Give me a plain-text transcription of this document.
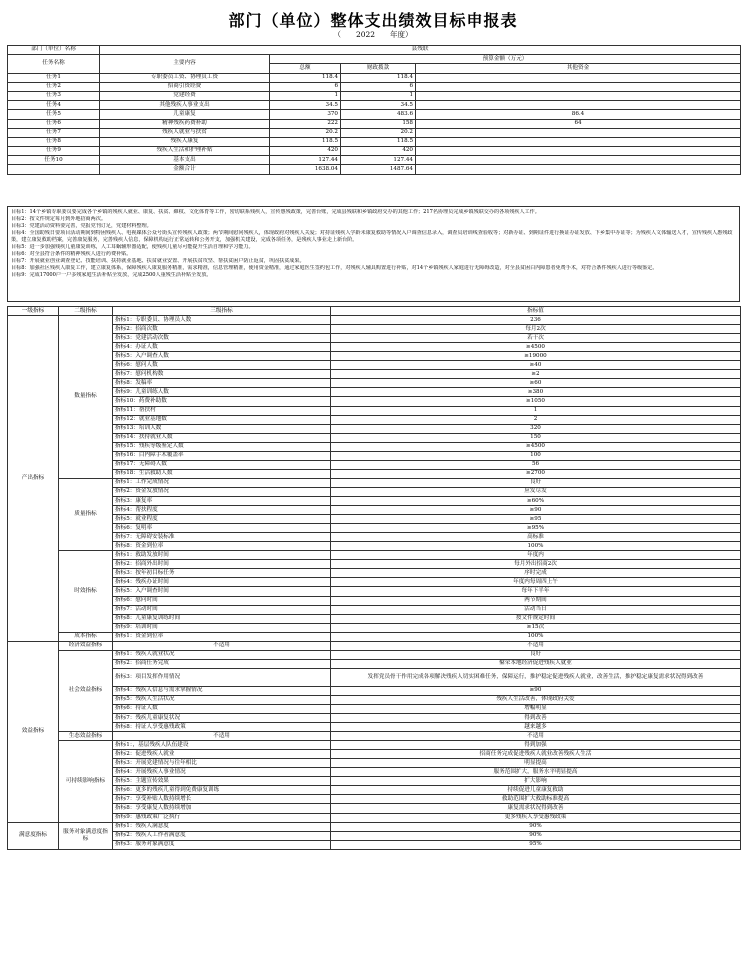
部门（单位）整体支出绩效目标申报表
（　　2022　　年度）
部门（单位）名称	县残联			
任务名称	主要内容	预算金额（万元）		
		总额	财政拨款	其他资金
任务1	专职委员工资、协理员工资	118.4	118.4	
任务2	招商引资经费	6	6	
任务3	党建经费	1	1	
任务4	其他残疾人事业支出	34.5	34.5	
任务5	儿童康复	370	483.6	86.4
任务6	精神残疾药费补助	222	158	64
任务7	残疾人就业与扶贫	20.2	20.2	
任务8	残疾人康复	118.5	118.5	
任务9	残疾人生活和护理补贴	420	420	
任务10	基本支出	127.44	127.44	
	金额合计	1638.04	1487.64	
目标1：14个乡镇专职委员要完成各个乡镇的残疾人就业、康复、扶贫、維权、文化体育等工作，密切联系残疾人，宣传惠残政策，完善台账，完成县残联和乡镇政府交办的其他工作；217名协理员完成乡镇残联交办的各项残疾人工作。
目标2：按文件规定每月到外地招商两次。
目标3：党建活动资料要完善，党报党刊订足，党建材料整理。
目标4：全国助残日要项目活动期间到特困残疾人、电视媒体公众号街头宣传残疾人政策；两节期间慰问残疾人，体现政府对残疾人关爱；对持证残疾人学龄未康复救助等情况入户调查信息录入，调查员培训线查验收等；对新办证、到期证件进行换证办证发放、下乡集中办证等；为残疾人文体输送人才，宣传残疾人惠残政策，建立康复救助档案，完善康复服务，完善残疾人信息，保障机构运行正常运转和公务开支，加强机关建设，完成各项任务，是残疾人事业走上新台阶。
目标5：进一步加强残疾儿童康复训练，人工耳蜗辅形器适配，使残疾儿童尽可能提升生活自理和学习能力。
目标6：对全县符合条件的精神残疾人进行药费补贴。
目标7：开展就业创业调查登记、技能培训、扶持就业基地、扶贫就业安置、开展扶贫攻坚、帮扶贫困户防止返贫，巩固扶贫成果。
目标8：加强社区残疾人康复工作，建立康复体系，保障残疾人康复服务精准，需求精准，信息管理精准，使用资金精准，通过家庭医生签约包工作，对残疾人辅具购置进行补贴，对14个乡镇残疾人家庭进行无障碍改造，对全县贫困白内障患者免费手术，对符合条件残疾人进行等级鉴定。
目标9：完成17000户一户多残家庭生活补贴全发放，完成2500人重残生活补贴全发放。
一级指标	二级指标	三级指标	指标值
产出指标	数量指标	指标1：专职委员、协理员人数	236
		指标2：招商次数	每月2次
		指标3：党建活动次数	若干次
		指标4：办证人数	≥4500
		指标5：入户调查人数	≥19000
		指标6：慰问人数	≥40
		指标7：慰问机构数	≥2
		指标8：发稿率	≥60
		指标9：儿童训练人数	≥380
		指标10：药费补助数	≥1050
		指标11：帮扶村	1
		指标12：就业基地数	2
		指标13：培训人数	320
		指标14：扶持就业人数	150
		指标15：残疾等级鉴定人数	≥4500
		指标16：白内障手术覆盖率	100
		指标17：无障碍人数	56
		指标18：生活救助人数	≥2700
	质量指标	指标1：工作完成情况	良好
		指标2：资金发放情况	应发尽发
		指标3：康复率	≥60%
		指标4：帮扶程度	≥90
		指标5：就业程度	≥95
		指标6：复明率	≥95%
		指标7：无障碍安装标准	高标准
		指标8：资金到位率	100%
	时效指标	指标1：救助发放时间	年度内
		指标2：招商外出时间	每月外出招商2次
		指标3：按年初目标任务	序时完成
		指标4：残疾办证时间	年度内每周四上午
		指标5：入户调查时间	每年下半年
		指标6：慰问时间	两节期间
		指标7：活动时间	活动当日
		指标8：儿童康复训练时间	按文件规定时间
		指标9：培训时间	≥15次
	成本指标	指标1：资金到位率	100%
效益指标	经济效益指标	不适用	不适用
	社会效益指标	指标1：残疾人就业状况	良好
		指标2：招商任务完成	鑿荣本地经济促进残疾人就业
		指标3：项目发挥作用情况	发挥党员骨干作用完成各项解决残疾人切实困难任务，保障运行，推护稳定促进残疾人就业，改善生活，推护稳定康复需求状况得到改善
		指标4：残疾人信息与需求掌握情况	≥90
		指标5：残疾人生活状况	残疾人生活改善，体现政府关爱
		指标6：持证人数	增幅明显
		指标7：残疾儿童康复状况	得到改善
		指标8：持证人享受惠残政策	越来越多
	生态效益指标	不适用	不适用
	可持续影响指标	指标1：，基层残疾人队伍建设	得到加强
		指标2：促进残疾人就业	招商任务完成促进残疾人就业改善残疾人生活
		指标3：开展党建情况与往年相比	明显提高
		指标4：开展残疾人事业情况	服务范围扩大，服务水平明显提高
		指标5：主题宣传效果	扩大影响
		指标6：更多的残疾儿童得到免费康复训练	持续促进儿童康复救助
		指标7：享受补贴人数持续增长	救助范围扩大救助标准提高
		指标8：享受康复人数持续增加	康复需求状况得到改善
		指标9：惠残政策广泛执行	更多残疾人享受惠残政策
满意度指标	服务对象满意度指标	指标1：残疾人满意度	90%
		指标2：残疾人工作者满意度	90%
		指标3：服务对象满意度	95%
